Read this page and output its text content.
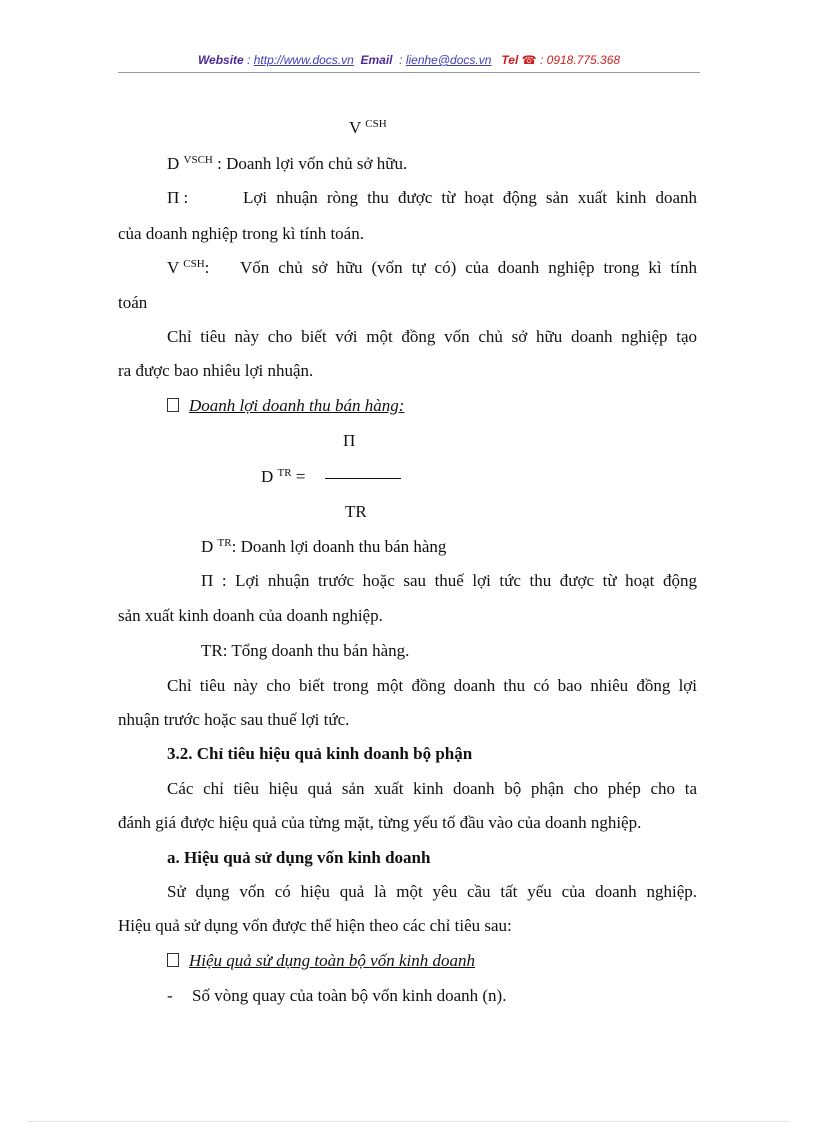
Website : http://www.docs.vn Email  : lienhe@docs.vn Tel ☎ : 0918.775.368
V $^{CSH}$
D $^{VSCH}$ : Doanh lợi vốn chủ sở hữu.
Π :	Lợi nhuận ròng thu được từ hoạt động sản xuất kinh doanh
của doanh nghiệp trong kì tính toán.
V $^{CSH}$: Vốn chủ sở hữu (vốn tự có) của doanh nghiệp trong kì tính
toán
Chỉ tiêu này cho biết với một đồng vốn chủ sở hữu doanh nghiệp tạo
ra được bao nhiêu lợi nhuận.
Doanh lợi doanh thu bán hàng:
Π
D $^{TR}$ =
TR
D $^{TR}$: Doanh lợi doanh thu bán hàng
Π : Lợi nhuận trước hoặc sau thuế lợi tức thu được từ hoạt động
sản xuất kinh doanh của doanh nghiệp.
TR: Tổng doanh thu bán hàng.
Chỉ tiêu này cho biết trong một đồng doanh thu có bao nhiêu đồng lợi
nhuận trước hoặc sau thuế lợi tức.
3.2. Chỉ tiêu hiệu quả kinh doanh bộ phận
Các chỉ tiêu hiệu quả sản xuất kinh doanh bộ phận cho phép cho ta
đánh giá được hiệu quả của từng mặt, từng yếu tố đầu vào của doanh nghiệp.
a. Hiệu quả sử dụng vốn kinh doanh
Sử dụng vốn có hiệu quả là một yêu cầu tất yếu của doanh nghiệp.
Hiệu quả sử dụng vốn được thể hiện theo các chỉ tiêu sau:
Hiệu quả sử dụng toàn bộ vốn kinh doanh
- Số vòng quay của toàn bộ vốn kinh doanh (n).
